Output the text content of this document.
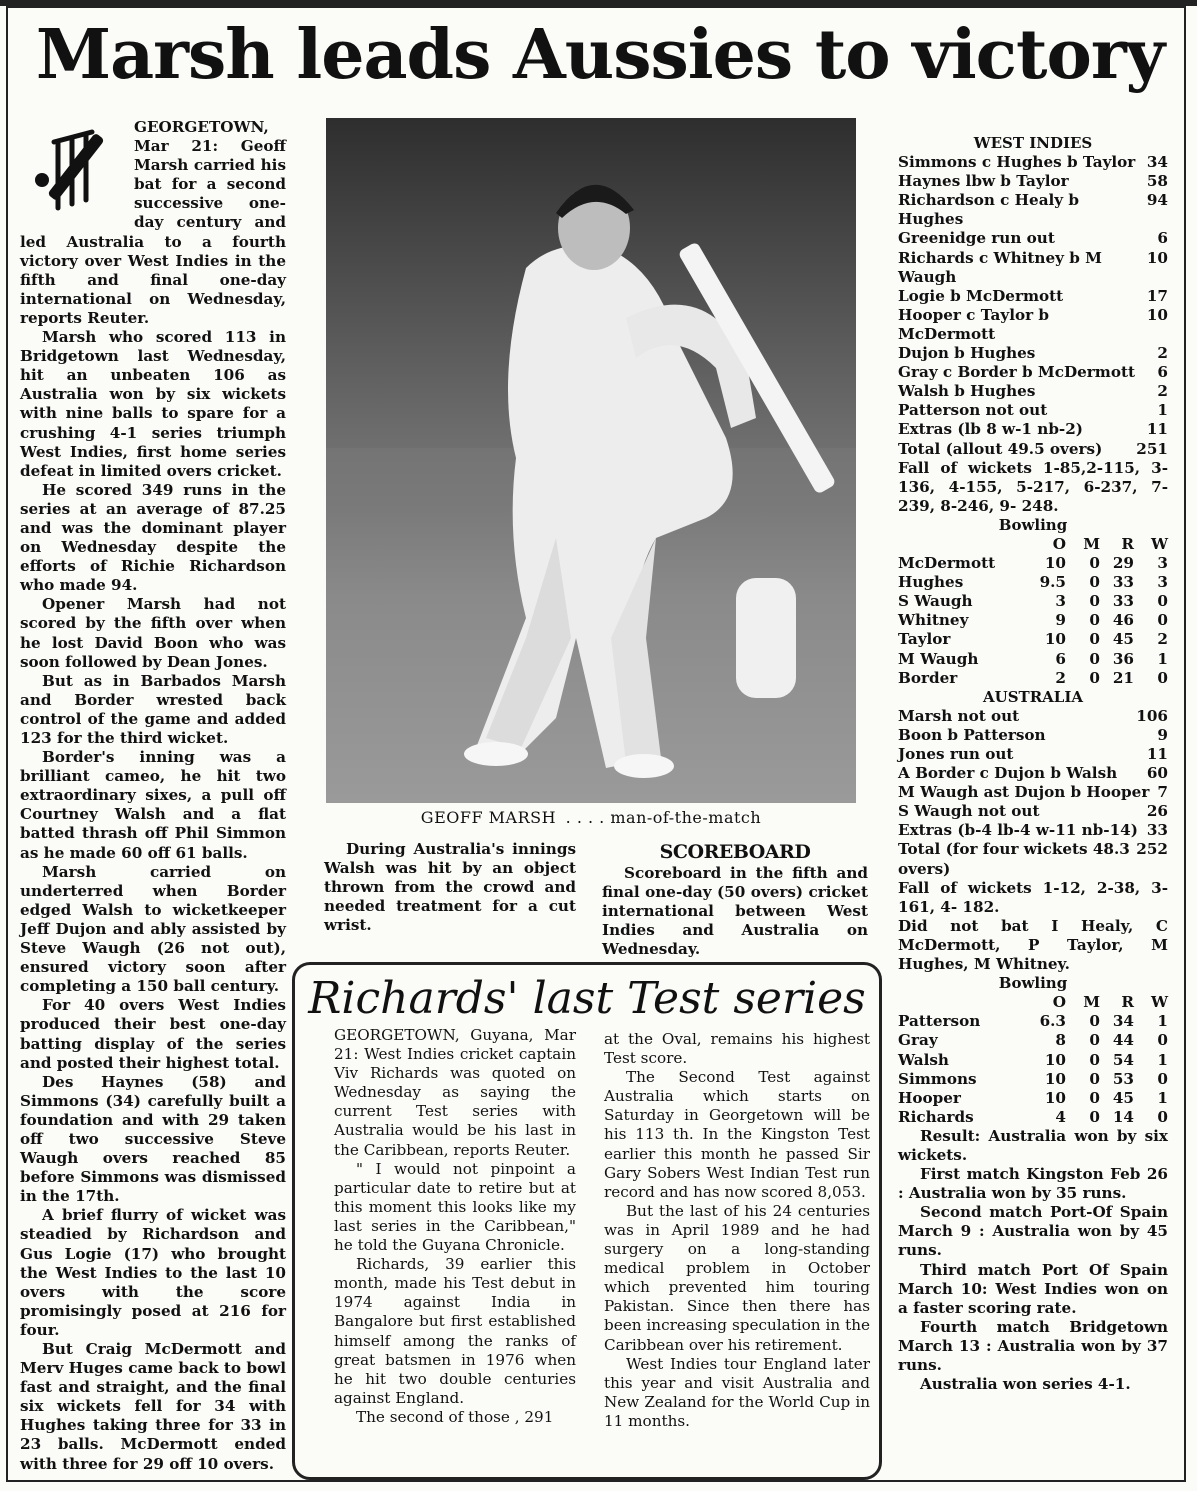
Marsh leads Aussies to victory

GEORGETOWN, Mar 21: Geoff Marsh carried his bat for a second successive one-day century and led Australia to a fourth victory over West Indies in the fifth and final one-day international on Wednesday, reports Reuter.

Marsh who scored 113 in Bridgetown last Wednesday, hit an unbeaten 106 as Australia won by six wickets with nine balls to spare for a crushing 4-1 series triumph West Indies, first home series defeat in limited overs cricket.

He scored 349 runs in the series at an average of 87.25 and was the dominant player on Wednesday despite the efforts of Richie Richardson who made 94.

Opener Marsh had not scored by the fifth over when he lost David Boon who was soon followed by Dean Jones.

But as in Barbados Marsh and Border wrested back control of the game and added 123 for the third wicket.

Border's inning was a brilliant cameo, he hit two extraordinary sixes, a pull off Courtney Walsh and a flat batted thrash off Phil Simmon as he made 60 off 61 balls.

Marsh carried on underterred when Border edged Walsh to wicketkeeper Jeff Dujon and ably assisted by Steve Waugh (26 not out), ensured victory soon after completing a 150 ball century.

For 40 overs West Indies produced their best one-day batting display of the series and posted their highest total.

Des Haynes (58) and Simmons (34) carefully built a foundation and with 29 taken off two successive Steve Waugh overs reached 85 before Simmons was dismissed in the 17th.

A brief flurry of wicket was steadied by Richardson and Gus Logie (17) who brought the West Indies to the last 10 overs with the score promisingly posed at 216 for four.

But Craig McDermott and Merv Huges came back to bowl fast and straight, and the final six wickets fell for 34 with Hughes taking three for 33 in 23 balls. McDermott ended with three for 29 off 10 overs.

GEOFF MARSH . . . . man-of-the-match

During Australia's innings Walsh was hit by an object thrown from the crowd and needed treatment for a cut wrist.

SCOREBOARD

Scoreboard in the fifth and final one-day (50 overs) cricket international between West Indies and Australia on Wednesday.

Richards' last Test series

GEORGETOWN, Guyana, Mar 21: West Indies cricket captain Viv Richards was quoted on Wednesday as saying the current Test series with Australia would be his last in the Caribbean, reports Reuter.

" I would not pinpoint a particular date to retire but at this moment this looks like my last series in the Caribbean," he told the Guyana Chronicle.

Richards, 39 earlier this month, made his Test debut in 1974 against India in Bangalore but first established himself among the ranks of great batsmen in 1976 when he hit two double centuries against England.

The second of those , 291

at the Oval, remains his highest Test score.

The Second Test against Australia which starts on Saturday in Georgetown will be his 113 th. In the Kingston Test earlier this month he passed Sir Gary Sobers West Indian Test run record and has now scored 8,053.

But the last of his 24 centuries was in April 1989 and he had surgery on a long-standing medical problem in October which prevented him touring Pakistan. Since then there has been increasing speculation in the Caribbean over his retirement.

West Indies tour England later this year and visit Australia and New Zealand for the World Cup in 11 months.

WEST INDIES
Simmons c Hughes b Taylor 34
Haynes lbw b Taylor	58
Richardson c Healy b Hughes
94
Greenidge run out	6
Richards c Whitney b M Waugh
10
Logie b McDermott	17
Hooper c Taylor b McDermott
10
Dujon b Hughes	2
Gray c Border b McDermott 6
Walsh b Hughes	2
Patterson not out	1
Extras (lb 8 w-1 nb-2)	11
Total (allout 49.5 overs) 251
Fall of wickets 1-85,2-115, 3-136, 4-155, 5-217, 6-237, 7-239, 8-246, 9- 248.
Bowling
	O	M	R	W
McDermott	10	0	29	3
Hughes	9.5	0	33	3
S Waugh	3	0	33	0
Whitney	9	0	46	0
Taylor	10	0	45	2
M Waugh	6	0	36	1
Border	2	0	21	0
AUSTRALIA
Marsh not out	106
Boon b Patterson	9
Jones run out	11
A Border c Dujon b Walsh 60
M Waugh ast Dujon b Hooper 7
S Waugh not out	26
Extras (b-4 lb-4 w-11 nb-14) 33
Total (for four wickets 48.3 overs)
252
Fall of wickets 1-12, 2-38, 3-161, 4- 182.
Did not bat I Healy, C McDermott, P Taylor, M Hughes, M Whitney.
Bowling
	O	M	R	W
Patterson	6.3	0	34	1
Gray	8	0	44	0
Walsh	10	0	54	1
Simmons	10	0	53	0
Hooper	10	0	45	1
Richards	4	0	14	0

Result: Australia won by six wickets.

First match Kingston Feb 26 : Australia won by 35 runs.

Second match Port-Of Spain March 9 : Australia won by 45 runs.

Third match Port Of Spain March 10: West Indies won on a faster scoring rate.

Fourth match Bridgetown March 13 : Australia won by 37 runs.

Australia won series 4-1.
